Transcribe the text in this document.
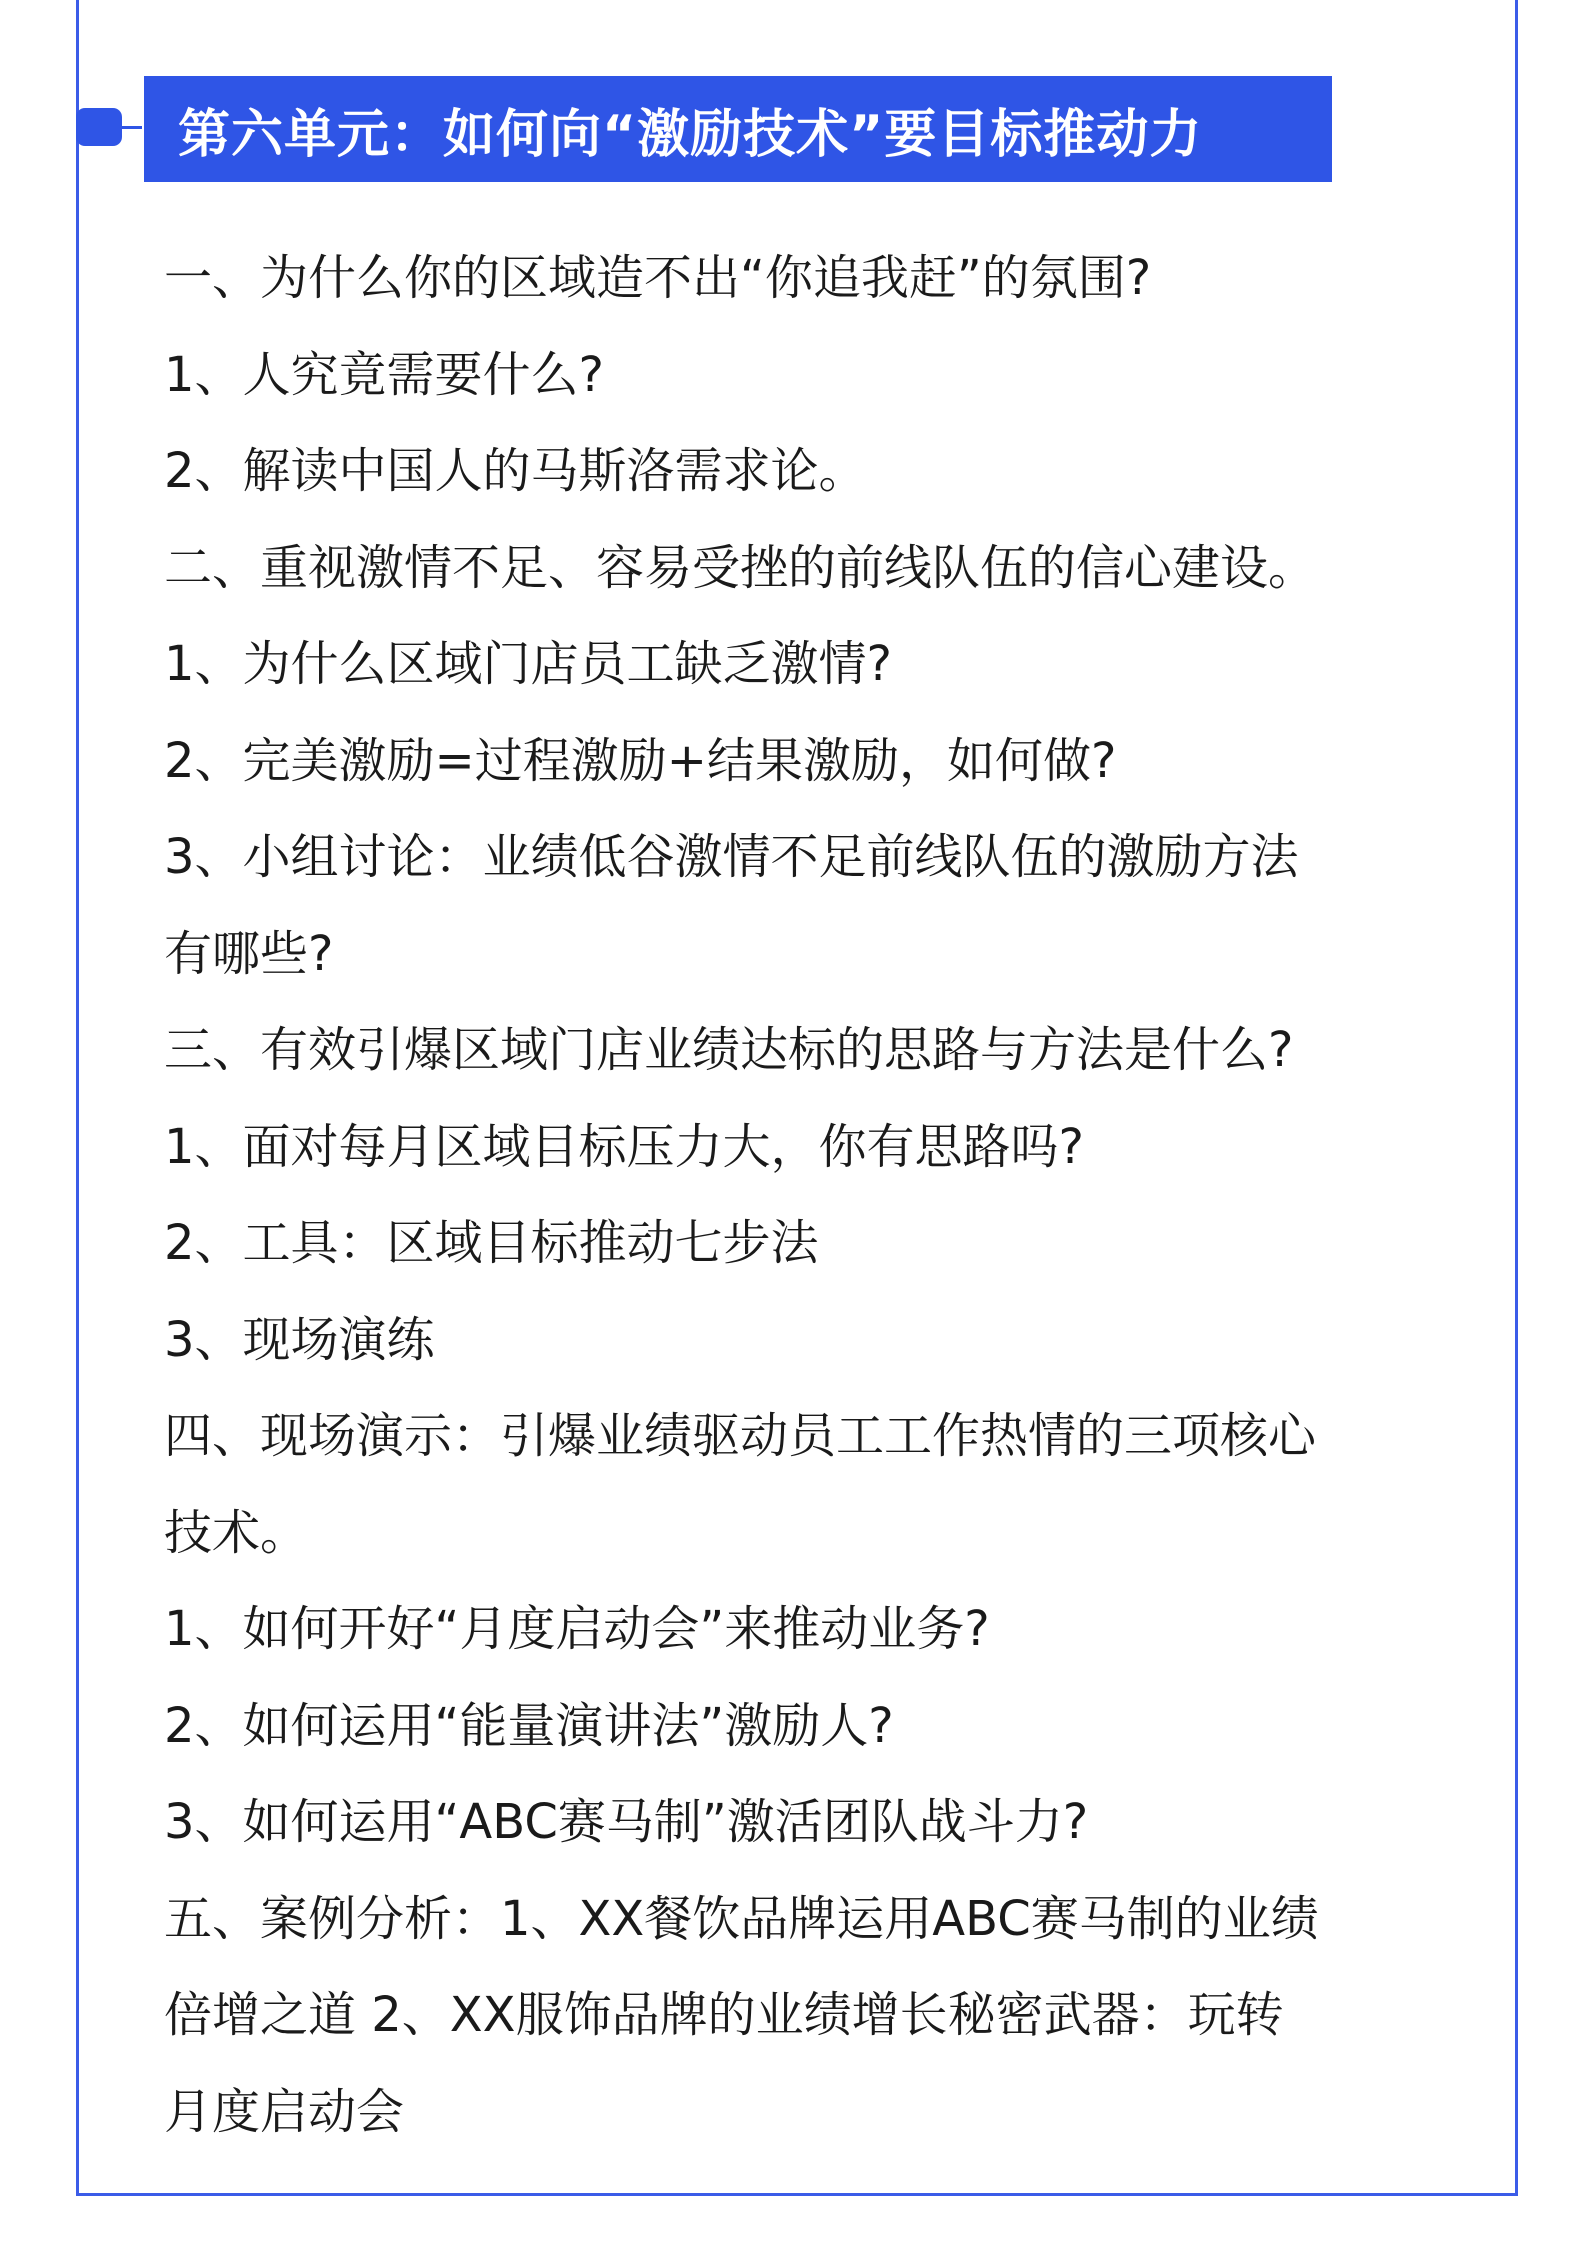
第六单元：如何向“激励技术”要目标推动力
一、为什么你的区域造不出“你追我赶”的氛围?
1、人究竟需要什么?
2、解读中国人的马斯洛需求论。
二、重视激情不足、容易受挫的前线队伍的信心建设。
1、为什么区域门店员工缺乏激情?
2、完美激励=过程激励+结果激励，如何做?
3、小组讨论：业绩低谷激情不足前线队伍的激励方法
有哪些?
三、有效引爆区域门店业绩达标的思路与方法是什么?
1、面对每月区域目标压力大，你有思路吗?
2、工具：区域目标推动七步法
3、现场演练
四、现场演示：引爆业绩驱动员工工作热情的三项核心
技术。
1、如何开好“月度启动会”来推动业务?
2、如何运用“能量演讲法”激励人?
3、如何运用“ABC赛马制”激活团队战斗力?
五、案例分析：1、XX餐饮品牌运用ABC赛马制的业绩
倍增之道 2、XX服饰品牌的业绩增长秘密武器：玩转
月度启动会
